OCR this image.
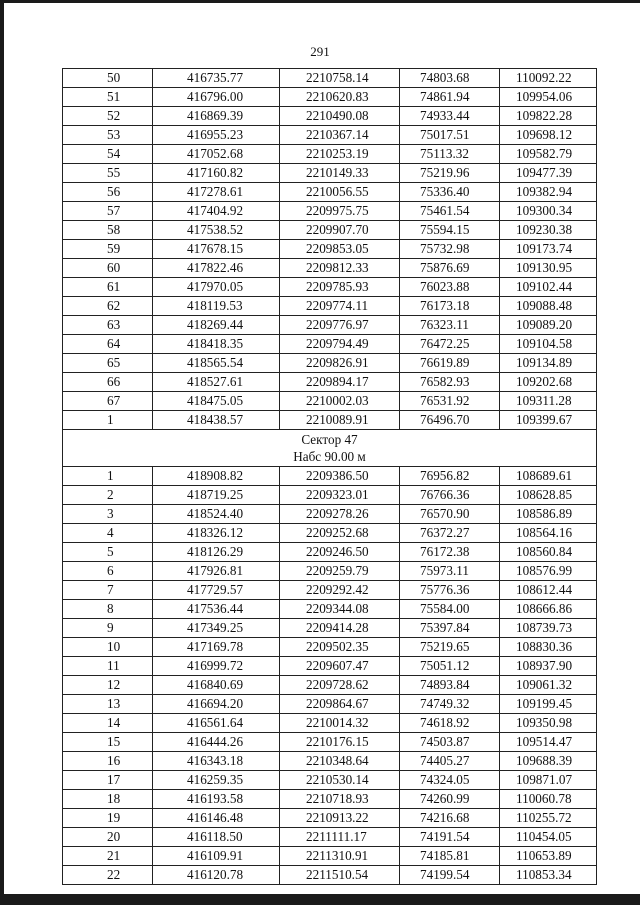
291
50	416735.77	2210758.14	74803.68	110092.22
51	416796.00	2210620.83	74861.94	109954.06
52	416869.39	2210490.08	74933.44	109822.28
53	416955.23	2210367.14	75017.51	109698.12
54	417052.68	2210253.19	75113.32	109582.79
55	417160.82	2210149.33	75219.96	109477.39
56	417278.61	2210056.55	75336.40	109382.94
57	417404.92	2209975.75	75461.54	109300.34
58	417538.52	2209907.70	75594.15	109230.38
59	417678.15	2209853.05	75732.98	109173.74
60	417822.46	2209812.33	75876.69	109130.95
61	417970.05	2209785.93	76023.88	109102.44
62	418119.53	2209774.11	76173.18	109088.48
63	418269.44	2209776.97	76323.11	109089.20
64	418418.35	2209794.49	76472.25	109104.58
65	418565.54	2209826.91	76619.89	109134.89
66	418527.61	2209894.17	76582.93	109202.68
67	418475.05	2210002.03	76531.92	109311.28
1	418438.57	2210089.91	76496.70	109399.67

Сектор 47
Набс 90.00 м				

1	418908.82	2209386.50	76956.82	108689.61
2	418719.25	2209323.01	76766.36	108628.85
3	418524.40	2209278.26	76570.90	108586.89
4	418326.12	2209252.68	76372.27	108564.16
5	418126.29	2209246.50	76172.38	108560.84
6	417926.81	2209259.79	75973.11	108576.99
7	417729.57	2209292.42	75776.36	108612.44
8	417536.44	2209344.08	75584.00	108666.86
9	417349.25	2209414.28	75397.84	108739.73
10	417169.78	2209502.35	75219.65	108830.36
11	416999.72	2209607.47	75051.12	108937.90
12	416840.69	2209728.62	74893.84	109061.32
13	416694.20	2209864.67	74749.32	109199.45
14	416561.64	2210014.32	74618.92	109350.98
15	416444.26	2210176.15	74503.87	109514.47
16	416343.18	2210348.64	74405.27	109688.39
17	416259.35	2210530.14	74324.05	109871.07
18	416193.58	2210718.93	74260.99	110060.78
19	416146.48	2210913.22	74216.68	110255.72
20	416118.50	2211111.17	74191.54	110454.05
21	416109.91	2211310.91	74185.81	110653.89
22	416120.78	2211510.54	74199.54	110853.34
